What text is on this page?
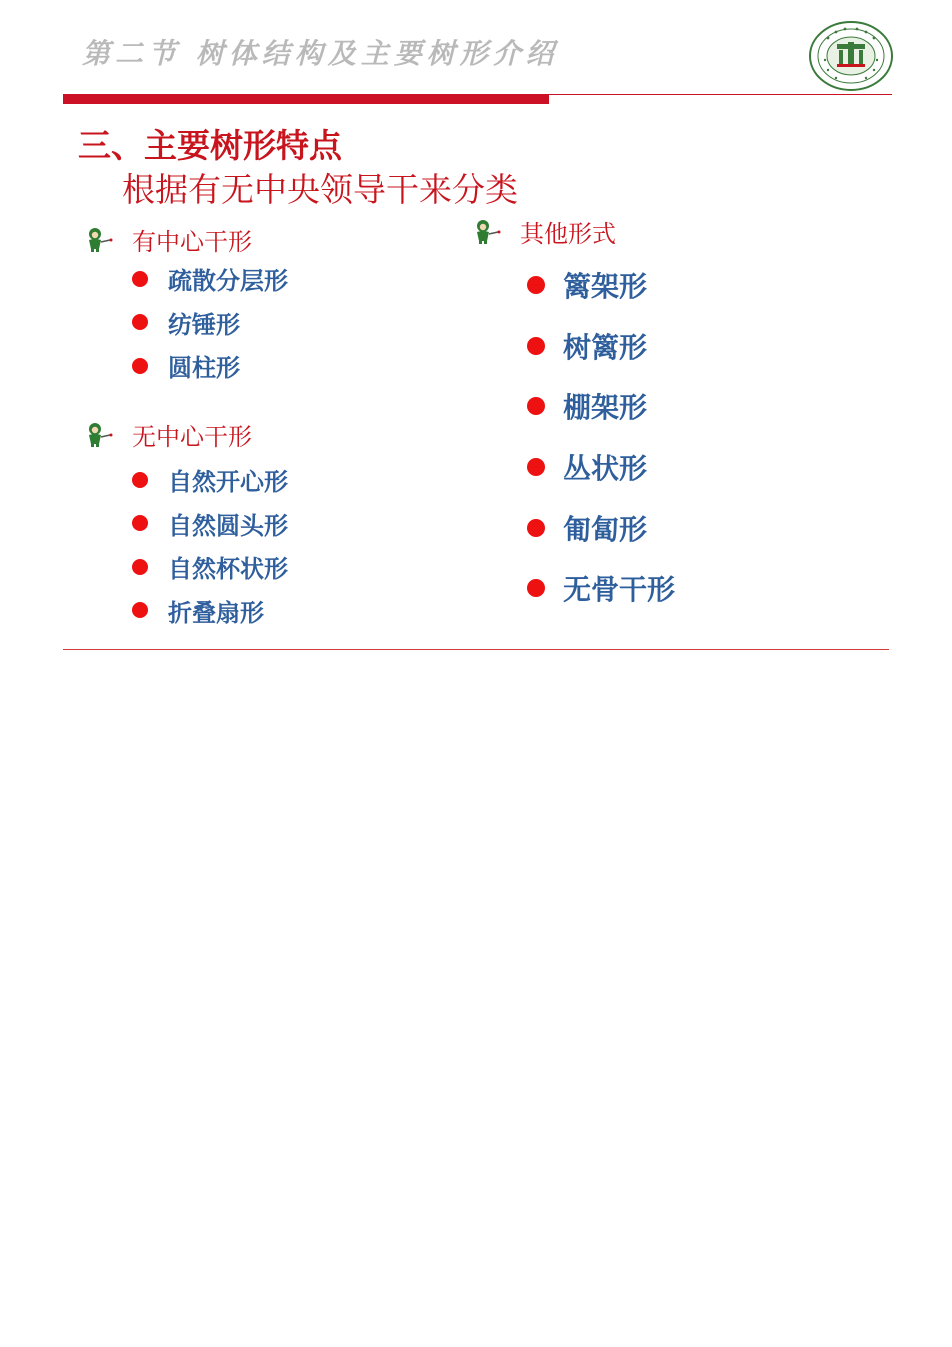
第二节 树体结构及主要树形介绍
三、主要树形特点
根据有无中央领导干来分类
有中心干形
疏散分层形
纺锤形
圆柱形
无中心干形
自然开心形
自然圆头形
自然杯状形
折叠扇形
其他形式
篱架形
树篱形
棚架形
丛状形
匍匐形
无骨干形
